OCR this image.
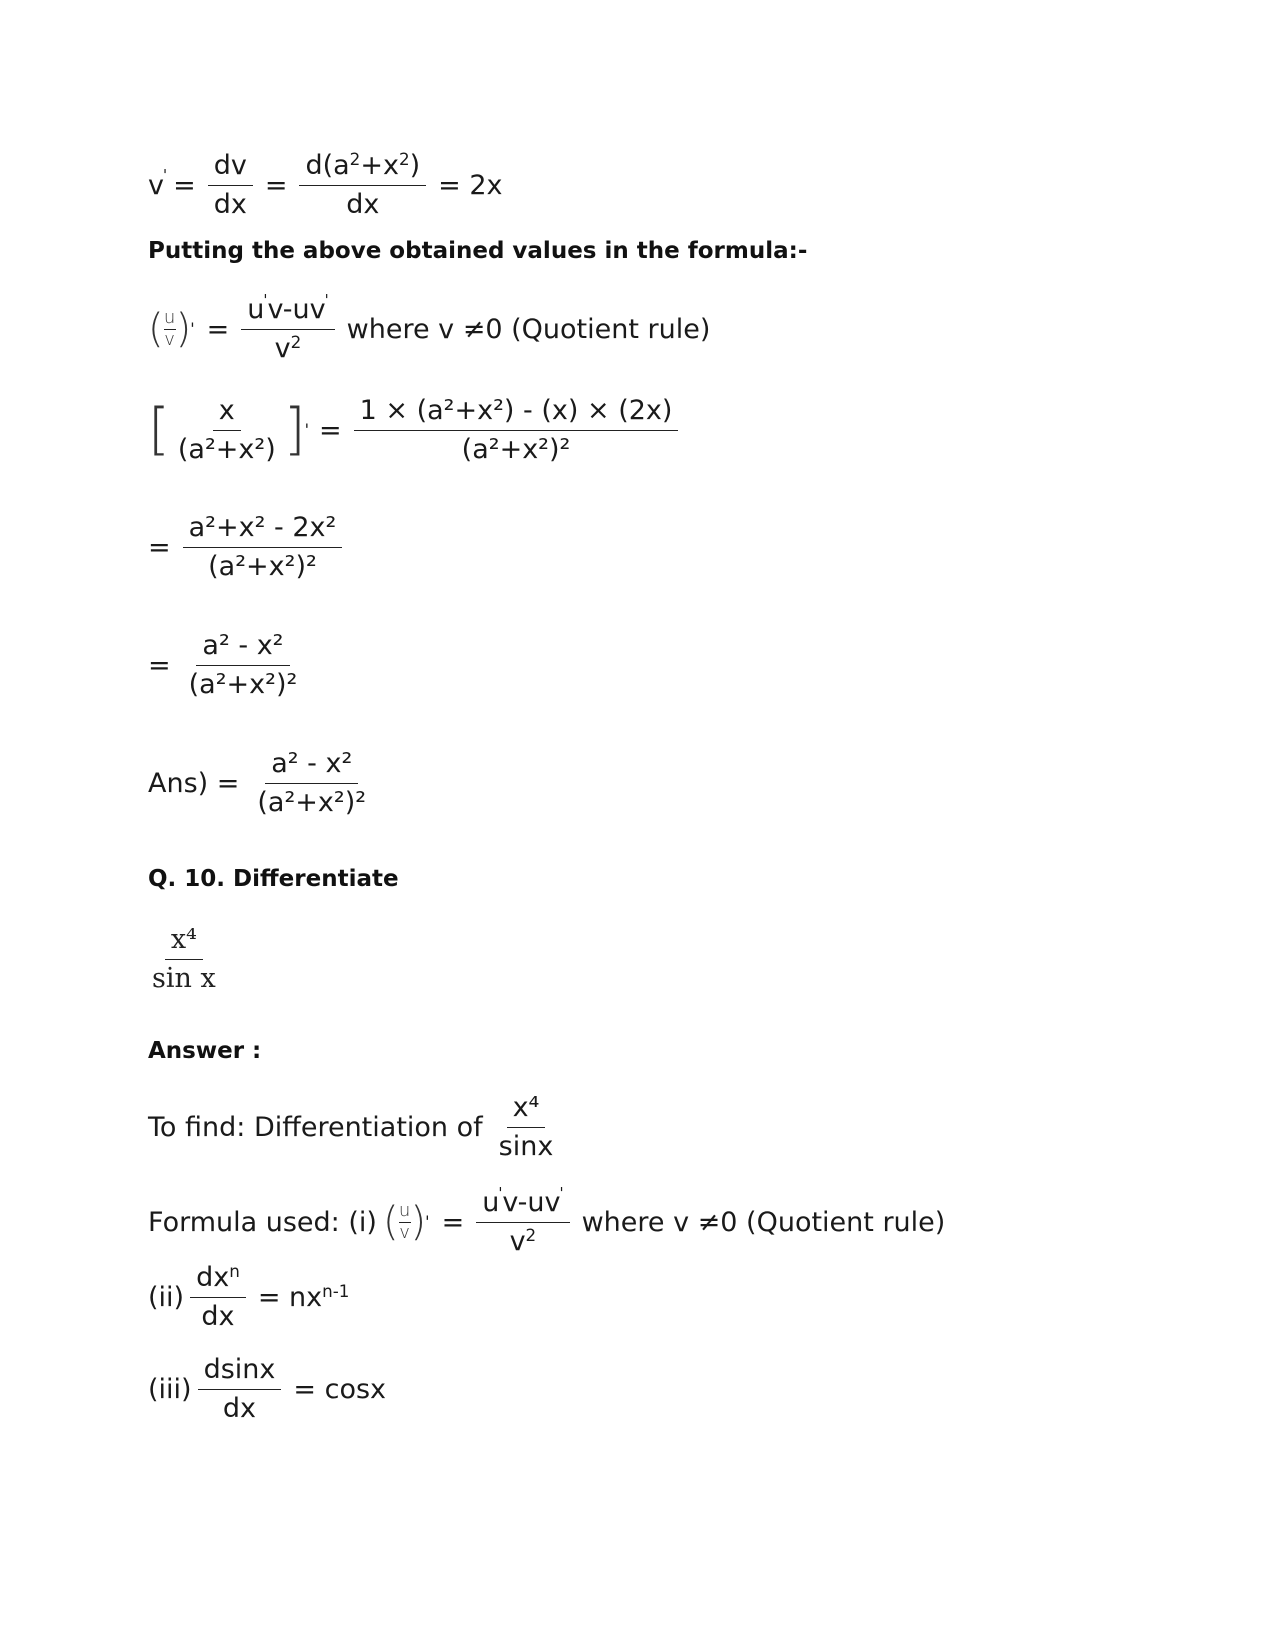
$v' = \frac{dv}{dx} = \frac{d(a^2+x^2)}{dx} = 2x$
Putting the above obtained values in the formula:-
( u
v ) ' = $\frac{u'v-uv'}{v^2}$ where v ≠0 (Quotient rule)
[ $\frac{x}{\text{(a²+x²)}}$ ] ' = $\frac{\text{1 × (a²+x²) - (x) × (2x)}}{\text{(a²+x²)²}}$
= $\frac{\text{a²+x² - 2x²}}{\text{(a²+x²)²}}$
= $\frac{\text{a² - x²}}{\text{(a²+x²)²}}$
$Ans) = \frac{\text{a² - x²}}{\text{(a²+x²)²}}$
Q. 10. Differentiate
$\frac{\text{x⁴}}{\text{sin x}}$
Answer :
To find: Differentiation of $\frac{\text{x⁴}}{\sin x}$
Formula used: (i) ( u
v ) ' = $\frac{u'v-uv'}{v^2}$ where v ≠0 (Quotient rule)
$(ii) \frac{dx^n}{dx} = nx^{n-1}$
$(iii) \frac{dsinx}{dx} = \cos x$
